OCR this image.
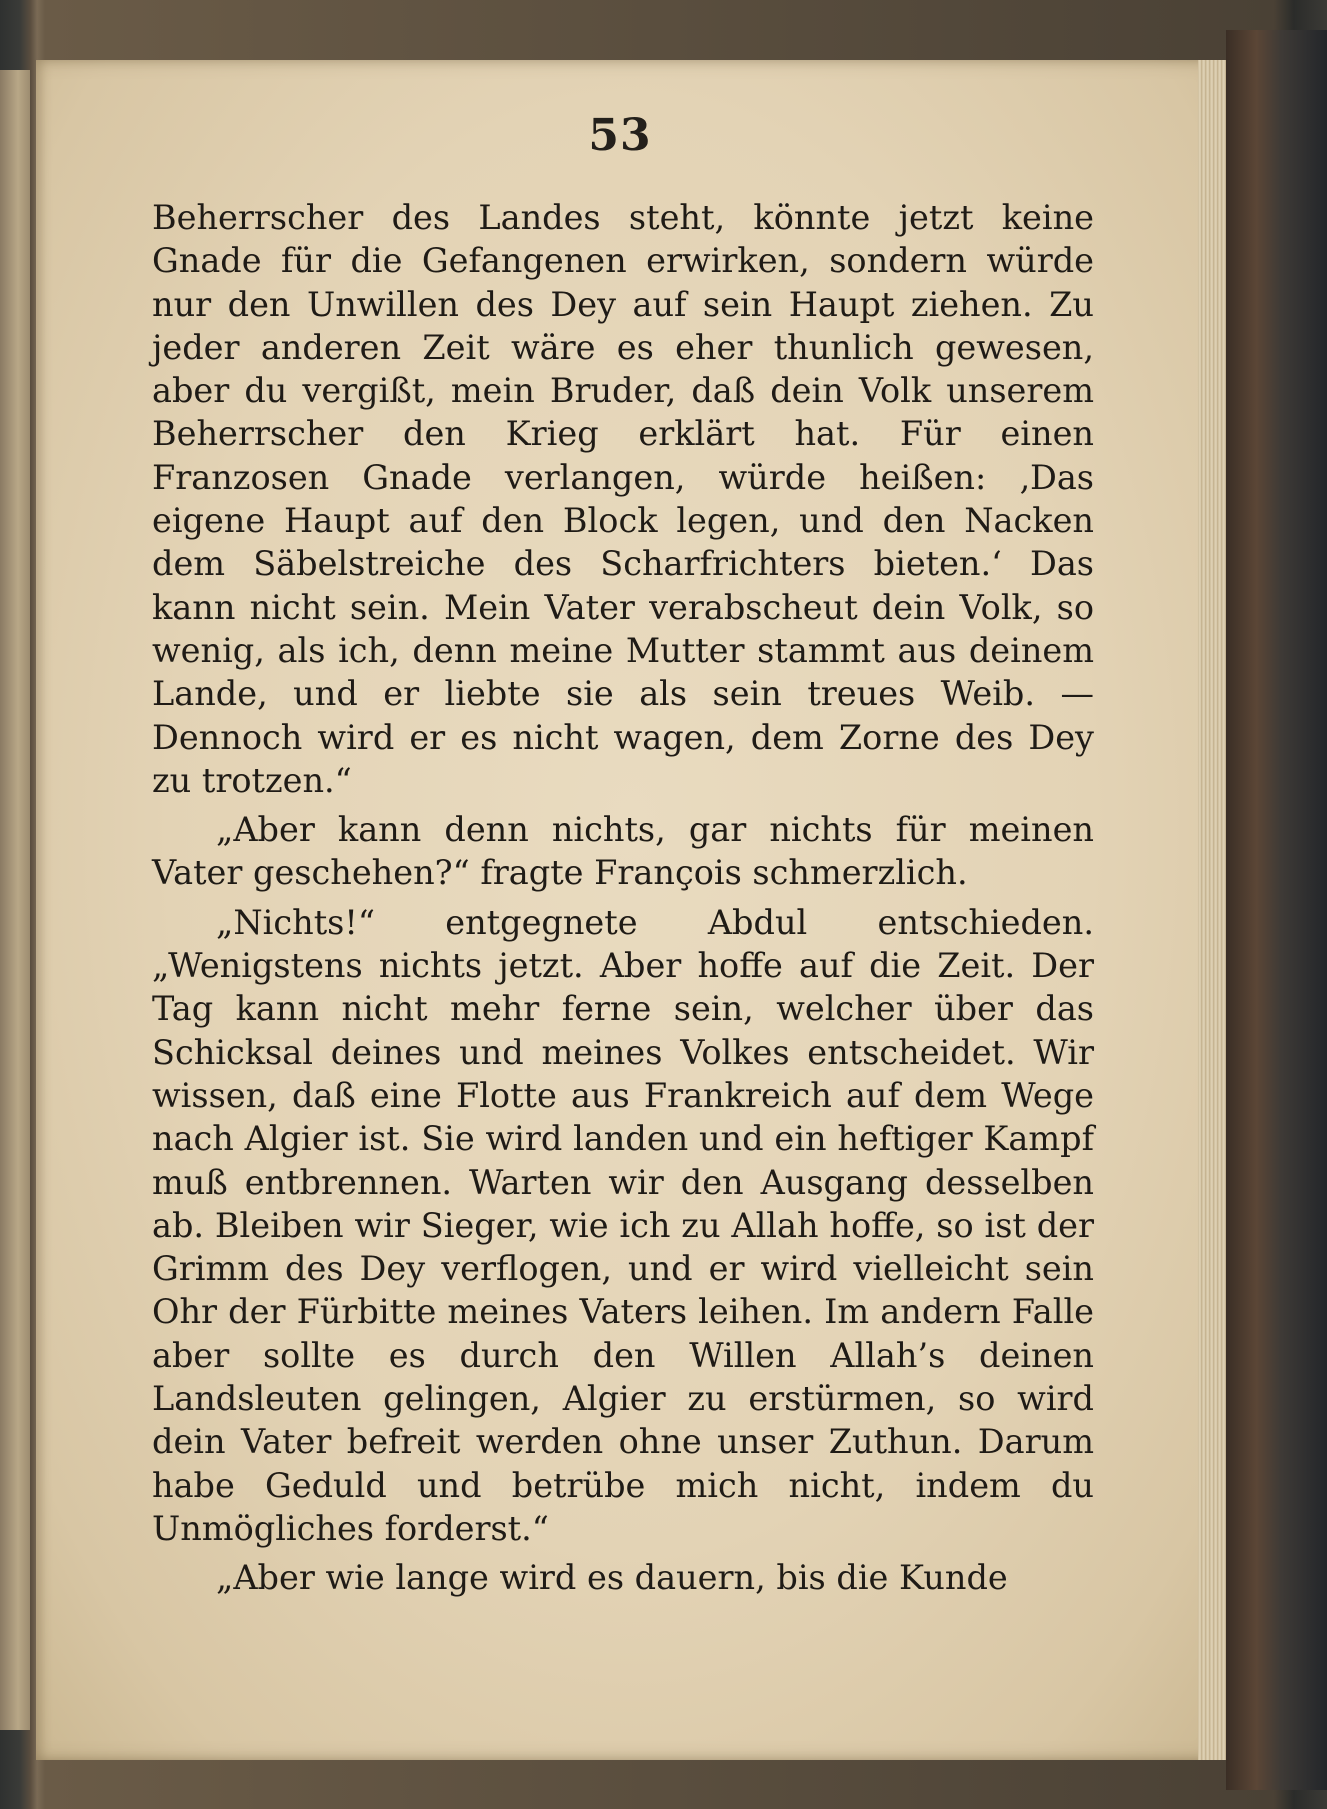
53

Beherrscher des Landes steht, könnte jetzt keine Gnade für die Gefangenen erwirken, sondern würde nur den Unwillen des Dey auf sein Haupt ziehen. Zu jeder anderen Zeit wäre es eher thunlich gewesen, aber du vergißt, mein Bruder, daß dein Volk unserem Beherrscher den Krieg erklärt hat. Für einen Franzosen Gnade verlangen, würde heißen: ‚Das eigene Haupt auf den Block legen, und den Nacken dem Säbelstreiche des Scharfrichters bieten.‘ Das kann nicht sein. Mein Vater verabscheut dein Volk, so wenig, als ich, denn meine Mutter stammt aus deinem Lande, und er liebte sie als sein treues Weib. — Dennoch wird er es nicht wagen, dem Zorne des Dey zu trotzen.“

„Aber kann denn nichts, gar nichts für meinen Vater geschehen?“ fragte François schmerzlich.

„Nichts!“ entgegnete Abdul entschieden. „Wenigstens nichts jetzt. Aber hoffe auf die Zeit. Der Tag kann nicht mehr ferne sein, welcher über das Schicksal deines und meines Volkes entscheidet. Wir wissen, daß eine Flotte aus Frankreich auf dem Wege nach Algier ist. Sie wird landen und ein heftiger Kampf muß entbrennen. Warten wir den Ausgang desselben ab. Bleiben wir Sieger, wie ich zu Allah hoffe, so ist der Grimm des Dey verflogen, und er wird vielleicht sein Ohr der Fürbitte meines Vaters leihen. Im andern Falle aber sollte es durch den Willen Allah’s deinen Landsleuten gelingen, Algier zu erstürmen, so wird dein Vater befreit werden ohne unser Zuthun. Darum habe Geduld und betrübe mich nicht, indem du Unmögliches forderst.“

„Aber wie lange wird es dauern, bis die Kunde
